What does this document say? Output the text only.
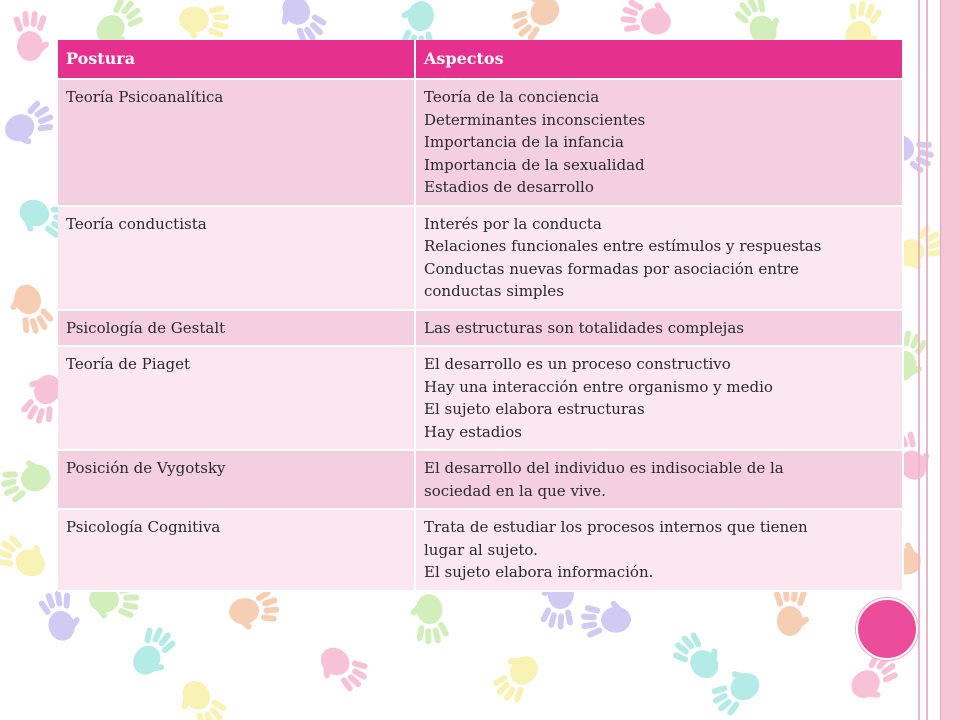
Postura	Aspectos
Teoría Psicoanalítica	Teoría de la conciencia
Determinantes inconscientes
Importancia de la infancia
Importancia de la sexualidad
Estadios de desarrollo

Teoría conductista	Interés por la conducta
Relaciones funcionales entre estímulos y respuestas
Conductas nuevas formadas por asociación entre
conductas simples

Psicología de Gestalt	Las estructuras son totalidades complejas

Teoría de Piaget	El desarrollo es un proceso constructivo
Hay una interacción entre organismo y medio
El sujeto elabora estructuras
Hay estadios

Posición de Vygotsky	El desarrollo del individuo es indisociable de la
sociedad en la que vive.

Psicología Cognitiva	Trata de estudiar los procesos internos que tienen
lugar al sujeto.
El sujeto elabora información.
